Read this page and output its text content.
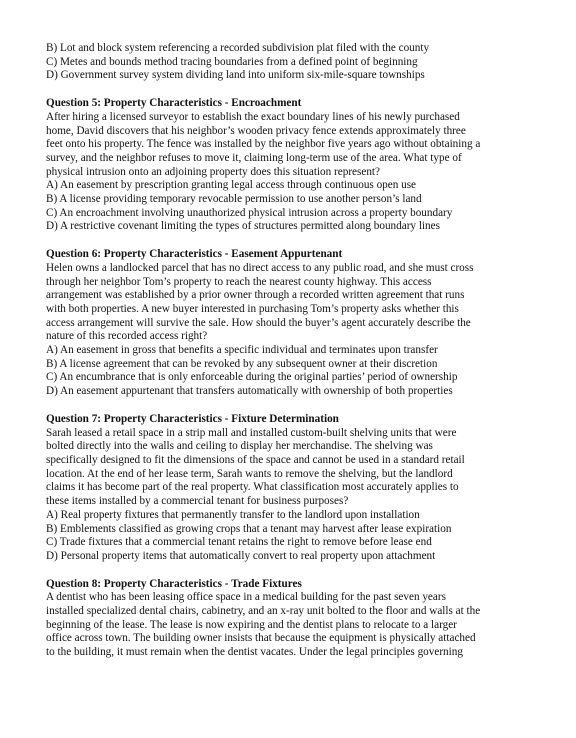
B) Lot and block system referencing a recorded subdivision plat filed with the county
C) Metes and bounds method tracing boundaries from a defined point of beginning
D) Government survey system dividing land into uniform six-mile-square townships
Question 5: Property Characteristics - Encroachment
After hiring a licensed surveyor to establish the exact boundary lines of his newly purchased
home, David discovers that his neighbor’s wooden privacy fence extends approximately three
feet onto his property. The fence was installed by the neighbor five years ago without obtaining a
survey, and the neighbor refuses to move it, claiming long-term use of the area. What type of
physical intrusion onto an adjoining property does this situation represent?
A) An easement by prescription granting legal access through continuous open use
B) A license providing temporary revocable permission to use another person’s land
C) An encroachment involving unauthorized physical intrusion across a property boundary
D) A restrictive covenant limiting the types of structures permitted along boundary lines
Question 6: Property Characteristics - Easement Appurtenant
Helen owns a landlocked parcel that has no direct access to any public road, and she must cross
through her neighbor Tom’s property to reach the nearest county highway. This access
arrangement was established by a prior owner through a recorded written agreement that runs
with both properties. A new buyer interested in purchasing Tom’s property asks whether this
access arrangement will survive the sale. How should the buyer’s agent accurately describe the
nature of this recorded access right?
A) An easement in gross that benefits a specific individual and terminates upon transfer
B) A license agreement that can be revoked by any subsequent owner at their discretion
C) An encumbrance that is only enforceable during the original parties’ period of ownership
D) An easement appurtenant that transfers automatically with ownership of both properties
Question 7: Property Characteristics - Fixture Determination
Sarah leased a retail space in a strip mall and installed custom-built shelving units that were
bolted directly into the walls and ceiling to display her merchandise. The shelving was
specifically designed to fit the dimensions of the space and cannot be used in a standard retail
location. At the end of her lease term, Sarah wants to remove the shelving, but the landlord
claims it has become part of the real property. What classification most accurately applies to
these items installed by a commercial tenant for business purposes?
A) Real property fixtures that permanently transfer to the landlord upon installation
B) Emblements classified as growing crops that a tenant may harvest after lease expiration
C) Trade fixtures that a commercial tenant retains the right to remove before lease end
D) Personal property items that automatically convert to real property upon attachment
Question 8: Property Characteristics - Trade Fixtures
A dentist who has been leasing office space in a medical building for the past seven years
installed specialized dental chairs, cabinetry, and an x-ray unit bolted to the floor and walls at the
beginning of the lease. The lease is now expiring and the dentist plans to relocate to a larger
office across town. The building owner insists that because the equipment is physically attached
to the building, it must remain when the dentist vacates. Under the legal principles governing
